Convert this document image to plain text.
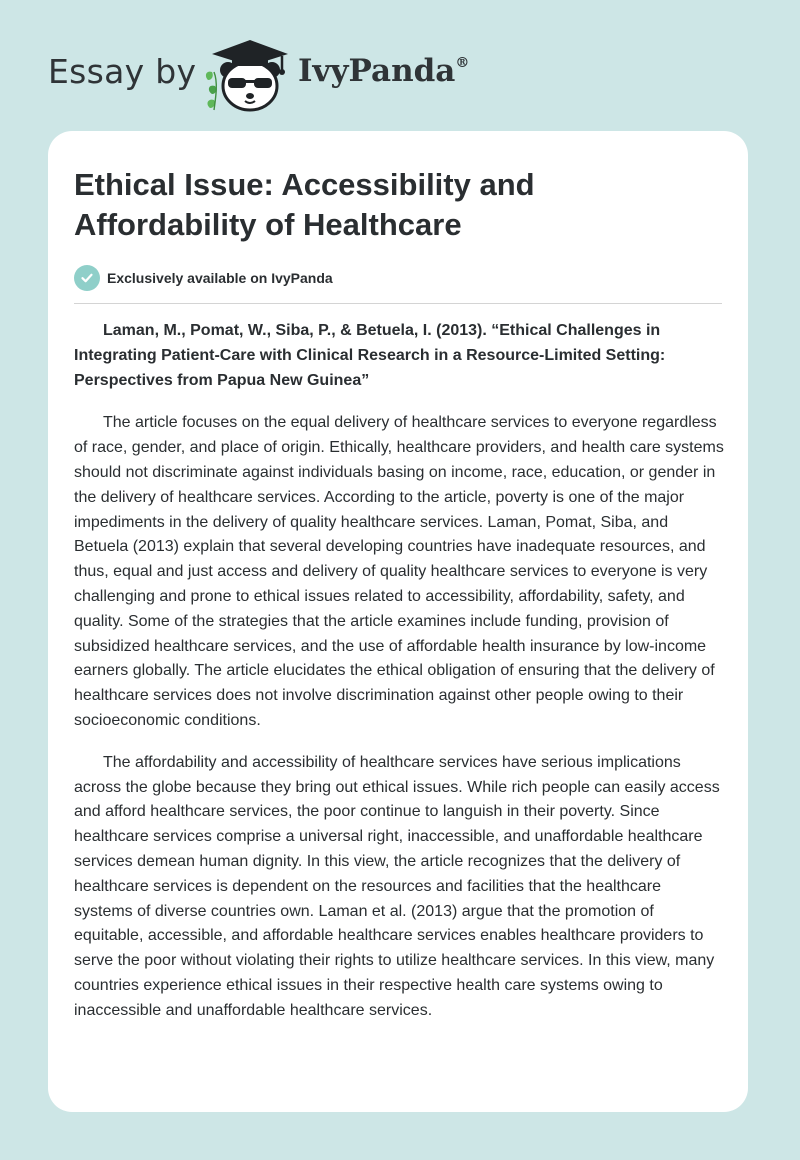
Essay by	IvyPanda®
Ethical Issue: Accessibility and Affordability of Healthcare
Exclusively available on IvyPanda

Laman, M., Pomat, W., Siba, P., & Betuela, I. (2013). “Ethical Challenges in Integrating Patient-Care with Clinical Research in a Resource-Limited Setting: Perspectives from Papua New Guinea”

The article focuses on the equal delivery of healthcare services to everyone regardless of race, gender, and place of origin. Ethically, healthcare providers, and health care systems should not discriminate against individuals basing on income, race, education, or gender in the delivery of healthcare services. According to the article, poverty is one of the major impediments in the delivery of quality healthcare services. Laman, Pomat, Siba, and Betuela (2013) explain that several developing countries have inadequate resources, and thus, equal and just access and delivery of quality healthcare services to everyone is very challenging and prone to ethical issues related to accessibility, affordability, safety, and quality. Some of the strategies that the article examines include funding, provision of subsidized healthcare services, and the use of affordable health insurance by low-income earners globally. The article elucidates the ethical obligation of ensuring that the delivery of healthcare services does not involve discrimination against other people owing to their socioeconomic conditions.

The affordability and accessibility of healthcare services have serious implications across the globe because they bring out ethical issues. While rich people can easily access and afford healthcare services, the poor continue to languish in their poverty. Since healthcare services comprise a universal right, inaccessible, and unaffordable healthcare services demean human dignity. In this view, the article recognizes that the delivery of healthcare services is dependent on the resources and facilities that the healthcare systems of diverse countries own. Laman et al. (2013) argue that the promotion of equitable, accessible, and affordable healthcare services enables healthcare providers to serve the poor without violating their rights to utilize healthcare services. In this view, many countries experience ethical issues in their respective health care systems owing to inaccessible and unaffordable healthcare services.
